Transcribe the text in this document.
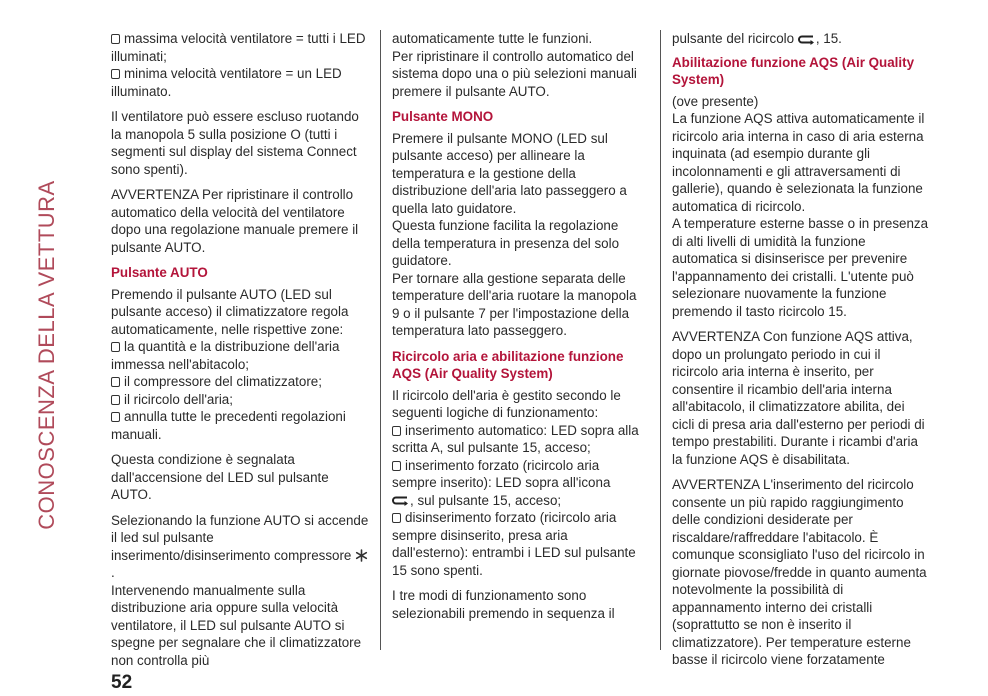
CONOSCENZA DELLA VETTURA

massima velocità ventilatore = tutti i LED illuminati;

minima velocità ventilatore = un LED illuminato.

Il ventilatore può essere escluso ruotando la manopola 5 sulla posizione O (tutti i segmenti sul display del sistema Connect sono spenti).

AVVERTENZA Per ripristinare il controllo automatico della velocità del ventilatore dopo una regolazione manuale premere il pulsante AUTO.

Pulsante AUTO

Premendo il pulsante AUTO (LED sul pulsante acceso) il climatizzatore regola automaticamente, nelle rispettive zone:

la quantità e la distribuzione dell'aria immessa nell'abitacolo;

il compressore del climatizzatore;

il ricircolo dell'aria;

annulla tutte le precedenti regolazioni manuali.

Questa condizione è segnalata dall'accensione del LED sul pulsante AUTO.

Selezionando la funzione AUTO si accende il led sul pulsante inserimento/disinserimento compressore .

Intervenendo manualmente sulla distribuzione aria oppure sulla velocità ventilatore, il LED sul pulsante AUTO si spegne per segnalare che il climatizzatore non controlla più

automaticamente tutte le funzioni.

Per ripristinare il controllo automatico del sistema dopo una o più selezioni manuali premere il pulsante AUTO.

Pulsante MONO

Premere il pulsante MONO (LED sul pulsante acceso) per allineare la temperatura e la gestione della distribuzione dell'aria lato passeggero a quella lato guidatore.

Questa funzione facilita la regolazione della temperatura in presenza del solo guidatore.

Per tornare alla gestione separata delle temperature dell'aria ruotare la manopola 9 o il pulsante 7 per l'impostazione della temperatura lato passeggero.

Ricircolo aria e abilitazione funzione AQS (Air Quality System)

Il ricircolo dell'aria è gestito secondo le seguenti logiche di funzionamento:

inserimento automatico: LED sopra alla scritta A, sul pulsante 15, acceso;

inserimento forzato (ricircolo aria sempre inserito): LED sopra all'icona
, sul pulsante 15, acceso;

disinserimento forzato (ricircolo aria sempre disinserito, presa aria dall'esterno): entrambi i LED sul pulsante 15 sono spenti.

I tre modi di funzionamento sono selezionabili premendo in sequenza il

pulsante del ricircolo , 15.

Abilitazione funzione AQS (Air Quality System)

(ove presente)

La funzione AQS attiva automaticamente il ricircolo aria interna in caso di aria esterna inquinata (ad esempio durante gli incolonnamenti e gli attraversamenti di gallerie), quando è selezionata la funzione automatica di ricircolo.

A temperature esterne basse o in presenza di alti livelli di umidità la funzione automatica si disinserisce per prevenire l'appannamento dei cristalli. L'utente può selezionare nuovamente la funzione premendo il tasto ricircolo 15.

AVVERTENZA Con funzione AQS attiva, dopo un prolungato periodo in cui il ricircolo aria interna è inserito, per consentire il ricambio dell'aria interna all'abitacolo, il climatizzatore abilita, dei cicli di presa aria dall'esterno per periodi di tempo prestabiliti. Durante i ricambi d'aria la funzione AQS è disabilitata.

AVVERTENZA L'inserimento del ricircolo consente un più rapido raggiungimento delle condizioni desiderate per riscaldare/raffreddare l'abitacolo. È comunque sconsigliato l'uso del ricircolo in giornate piovose/fredde in quanto aumenta notevolmente la possibilità di appannamento interno dei cristalli (soprattutto se non è inserito il climatizzatore). Per temperature esterne basse il ricircolo viene forzatamente

52
